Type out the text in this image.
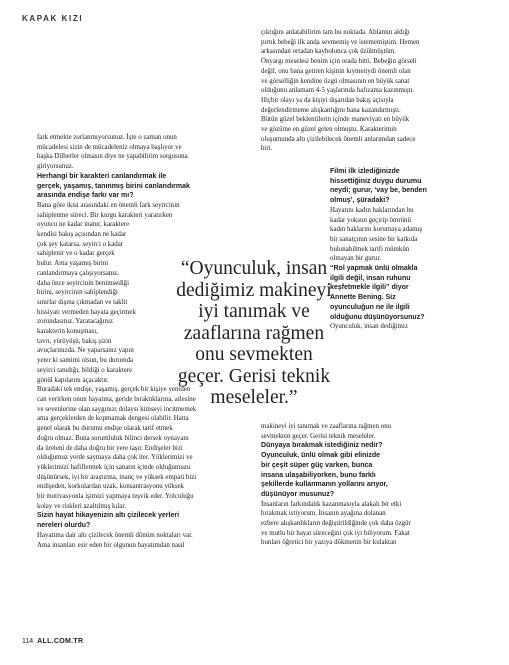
KAPAK KIZI

fark etmekte zorlanmıyorsunuz. İşte o zaman onun
mücadelesi sizin de mücadeleniz olmaya başlıyor ve
başka Dilberler olmasın diye ne yapabilirim sorgusuna
giriyorsunuz.

Herhangi bir karakteri canlandırmak ile
gerçek, yaşamış, tanınmış birini canlandırmak
arasında endişe farkı var mı?

Bana göre ikisi arasındaki en önemli fark seyircinin
sahiplenme süreci. Bir kurgu karakteri yaratırken
oyuncu ne kadar inanır, karaktere
kendisi bakış açısından ne kadar
çok şey katarsa, seyirci o kadar
sahiplenir ve o kadar gerçek
bulur. Ama yaşamış birini
canlandırmaya çalışıyorsanız,
daha önce seyircinin benimsediği
birini, seyircinin sahiplendiği
sınırlar dışına çıkmadan ve taklit
hissiyatı vermeden hayata geçirmek
zorundasınız. Yaratacağınız
karakterin konuşması,
tavrı, yürüyüşü, bakış şizin
avuçlarınızda. Ne yaparsanız yapın
yeter ki samimi olsun, bu durumda
seyirci tanıdığı, bildiği o karaktere
gönül kapılarını açacaktır.

Buradaki tek endişe, yaşamış, gerçek bir kişiye yeniden
can verirken onun hayatına, geride bıraktıklarına, ailesine
ve sevenlerine olan saygınızı dolaysı kimseyi incitmemek
ama gerçeklerden de kopmamak dengesi olabilir. Hatta
genel olarak bu durumu endişe olarak tarif etmek
doğru olmaz. Buna sorumluluk bilinci dersek oynayanı
da üreteni de daha doğru bir yere taşır. Endişeler bizi
olduğumuz yerde saymaya daha çok iter. Yüklerimizi ve
yüklerimizi hafifletmek için sanatın içinde olduğumuzu
düşünürsek, iyi bir araştırma, inanç ve yüksek empati bizi
endişeden, korkulardan uzak, konsantrasyonu yüksek
bir motivasyonla işimizi yapmaya teşvik eder. Yolculuğu
kolay ve riskleri azaltılmış kılar.

Sizin hayat hikayenizin altı çizilecek yerleri
nereleri olurdu?

Hayatıma dair altı çizilecek önemli dönüm noktaları var.
Ama insanları esir eden bir olgunun hayatımdan nasıl

çıktığını anlatabilirim tam bu noktada. Ablamın aldığı
pırtık bebeği ilk anda sevmemiş ve istememiştim. Hemen
arkasından ortadan kaybolunca çok üzülmüştüm.
Önyargı meselesi benim için orada bitti. Bebeğin görseli
değil, onu bana getiren kişinin kıymetiydi önemli olan
ve görselliğin kendine özgü olmasının en büyük sanat
olduğunu anlamam 4-5 yaşlarında hafızama kazınmıştı.
Hiçbir olayı ya da kişiyi dışarıdan bakış açısıyla
değerlendirmeme alışkanlığını bana kazandırmıştı.
Bütün güzel beklentilerin içinde maneviyatı en büyük
ve gözüme en güzel gelen olmuştu. Karakterimin
oluşumunda altı çizilebilecek önemli anlarımdan sadece
biri.

Filmi ilk izlediğinizde
hissettiğiniz duygu durumu
neydi; gurur, ‘vay be, benden
olmuş’, şüradaki?

Hayatını kadın haklarından bu
kadar yoksun geçirip ömrünü
kadın haklarını korumaya adamış
bir sanatçının sesine bir katkıda
bulunabilmek tarifi mümkün
olmayan bir gurur.

“Rol yapmak ünlü olmakla
ilgili değil, insan ruhunu
keşfetmekle ilgili” diyor
Annette Bening. Siz
oyunculuğun ne ile ilgili
olduğunu düşünüyorsunuz?

Oyunculuk, insan dediğimiz

makineyi iyi tanımak ve zaaflarına rağmen onu
sevmekten geçer. Gerisi teknik meseleler.

Dünyaya bırakmak istediğiniz nedir?
Oyunculuk, ünlü olmak gibi elinizde
bir çeşit süper güç varken, bunca
insana ulaşabiliyorken, bunu farklı
şekillerde kullanmanın yollarını arıyor,
düşünüyor musunuz?

İnsanların farkındalık kazanmasıyla alakalı bir etki
bırakmak istiyorum. İnsanın ayağına dolanan
ezbere alışkanlıkların değiştirildiğinde çok daha özgür
ve mutlu bir hayat süreceğini çok iyi biliyorum. Fakat
bunları öğretici bir yazıya dökmenin bir kulaktan

“Oyunculuk, insan dediğimiz makineyi iyi tanımak ve zaaflarına rağmen onu sevmekten geçer. Gerisi teknik meseleler.”
114 ALL.COM.TR
